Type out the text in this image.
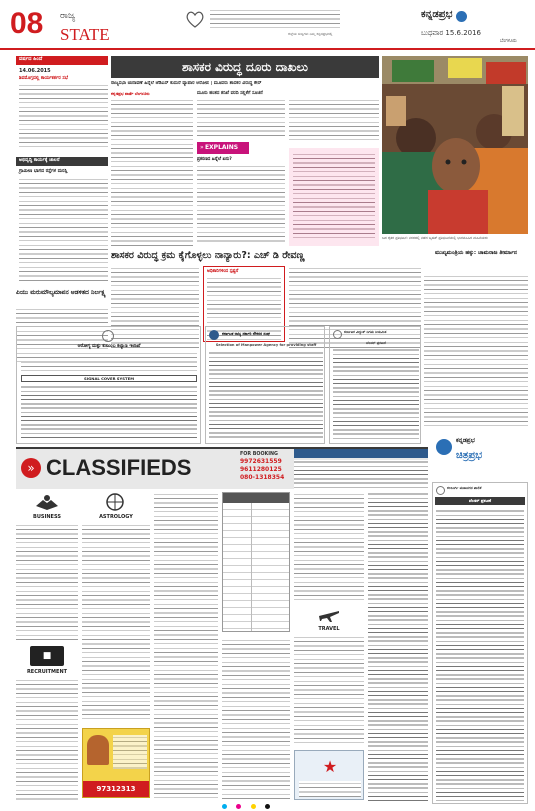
08 ರಾಜ್ಯ
STATE	ಜಿಲ್ಲೆಯ ಸುದ್ದಿಗಳು ನಿಮ್ಮ ಕನ್ನಡಪ್ರಭದಲ್ಲಿ
ಕನ್ನಡಪ್ರಭ
ಬುಧವಾರ 15.6.2016
ಬೆಂಗಳೂರು
ವರ್ಷದ ಹಿಂದೆ
14.06.2015
ಶಿವಮೊಗ್ಗದಲ್ಲಿ ಕಾರ್ಯಕರ್ತರ ಸಭೆ
ಅಭಿವೃದ್ಧಿ ಕಾರ್ಯಕ್ಕೆ ಚಾಲನೆ
ಗ್ರಾಮೀಣ ಭಾಗದ ರಸ್ತೆಗಳ ದುರಸ್ತಿ
ಪಿಯು ಮರುಮೌಲ್ಯಮಾಪನ ಆಡಳಿತದ ನಿರ್ಲಕ್ಷ್ಯ
ಶಾಸಕರ ವಿರುದ್ಧ ದೂರು ದಾಖಲು
ರಾಜ್ಯಸಭಾ ಚುನಾವಣೆ ಹಿನ್ನೆಲೆ ಜೆಡಿಎಸ್ ಕುದುರೆ ವ್ಯಾಪಾರ ಆರೋಪ | ಮೂವರು ಶಾಸಕರ ವಿರುದ್ಧ ಕೇಸ್
ಕನ್ನಡಪ್ರಭ ವಾರ್ತೆ ಬೆಂಗಳೂರು	ಮೂರು ಹಂತದ ತನಿಖೆ ವರದಿ ಸಲ್ಲಿಕೆಗೆ ಸೂಚನೆ
» EXPLAINS
ಪ್ರಕರಣದ ಹಿನ್ನೆಲೆ ಏನು?
ಬಡ ರೈತರ ಪ್ರತಿಭಟನೆ: ನಗರದಲ್ಲಿ ನಡೆದ ಬೃಹತ್ ಪ್ರತಿಭಟನೆಯಲ್ಲಿ ಭಾಗವಹಿಸಿದ ಮಹಿಳೆಯರು
ಶಾಸಕರ ವಿರುದ್ಧ ಕ್ರಮ ಕೈಗೊಳ್ಳಲು ನಾನ್ಯಾರು?: ಎಚ್ ಡಿ ರೇವಣ್ಣ
ಅಧಿಕಾರಿಗಳಿಂದ ಸ್ಪಷ್ಟನೆ
ಮುಖ್ಯಮಂತ್ರಿಯ ಹಕ್ಕು: ಚಾಮರಾಜ ತೀರ್ಮಾನ
ಆರೋಗ್ಯ ಮತ್ತು ಕುಟುಂಬ ಕಲ್ಯಾಣ ಇಲಾಖೆ
SIGNAL COVER SYSTEM
ಕರ್ನಾಟಕ ರಾಜ್ಯ ಸರ್ಕಾರಿ ನೌಕರರ ಸಂಘ
Selection of Manpower Agency for providing staff
ಕರ್ನಾಟಕ ವಿದ್ಯುತ್ ನಿಗಮ ನಿಯಮಿತ
ಟೆಂಡರ್ ಪ್ರಕಟಣೆ
» CLASSIFIEDS
FOR BOOKING
9972631559
9611280125
080-1318354
BUSINESS
■
RECRUITMENT
ASTROLOGY
97312313
TRAVEL
★
ಕನ್ನಡಪ್ರಭ
ಚಿತ್ರಪ್ರಭ
ಕಲಬುರ್ಗಿ ಮಹಾನಗರ ಪಾಲಿಕೆ
ಟೆಂಡರ್ ಪ್ರಕಟಣೆ
